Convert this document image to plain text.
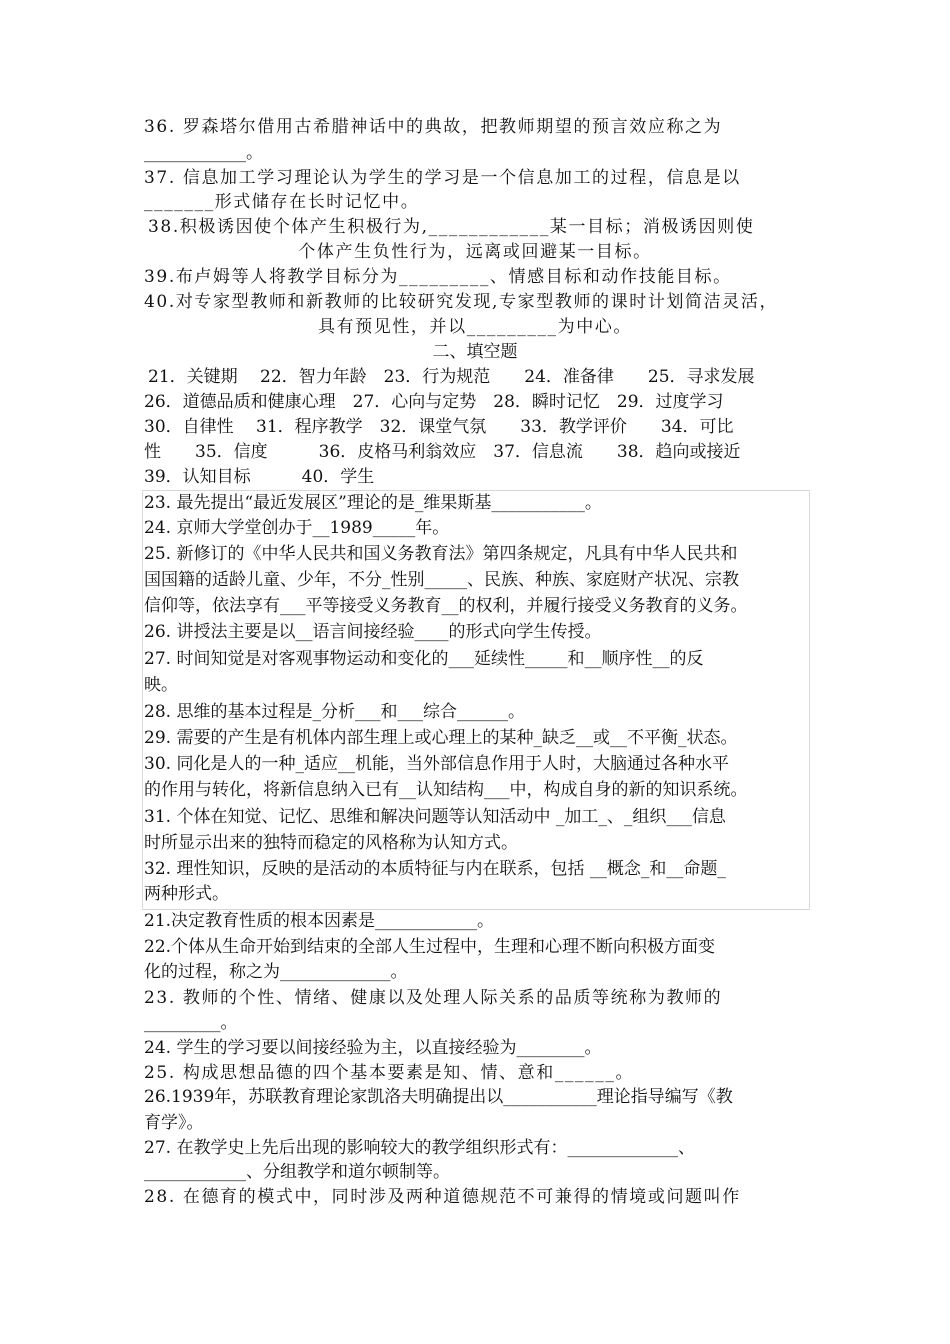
36. 罗森塔尔借用古希腊神话中的典故，把教师期望的预言效应称之为
____________。
37. 信息加工学习理论认为学生的学习是一个信息加工的过程，信息是以
_______形式储存在长时记忆中。
38.积极诱因使个体产生积极行为,____________某一目标；消极诱因则使
个体产生负性行为，远离或回避某一目标。
39.布卢姆等人将教学目标分为_________、情感目标和动作技能目标。
40.对专家型教师和新教师的比较研究发现,专家型教师的课时计划简洁灵活，
具有预见性，并以_________为中心。
二、填空题
21．关键期　 22．智力年龄　23．行为规范　　24．准备律　　25．寻求发展
26．道德品质和健康心理　27．心向与定势　28．瞬时记忆　29．过度学习
30．自律性　 31．程序教学　32．课堂气氛　　33．教学评价　　34．可比
性　　35．信度　　　36．皮格马利翁效应　37．信息流　　38．趋向或接近
39．认知目标　　　40．学生
23. 最先提出“最近发展区”理论的是_维果斯基___________。
24. 京师大学堂创办于__1989_____年。
25. 新修订的《中华人民共和国义务教育法》第四条规定，凡具有中华人民共和
国国籍的适龄儿童、少年，不分_性别_____、民族、种族、家庭财产状况、宗教
信仰等，依法享有___平等接受义务教育__的权利，并履行接受义务教育的义务。
26. 讲授法主要是以__语言间接经验____的形式向学生传授。
27. 时间知觉是对客观事物运动和变化的___延续性_____和__顺序性__的反
映。
28. 思维的基本过程是_分析___和___综合______。
29. 需要的产生是有机体内部生理上或心理上的某种_缺乏__或__不平衡_状态。
30. 同化是人的一种_适应__机能，当外部信息作用于人时，大脑通过各种水平
的作用与转化，将新信息纳入已有__认知结构___中，构成自身的新的知识系统。
31. 个体在知觉、记忆、思维和解决问题等认知活动中 _加工_、_组织___信息
时所显示出来的独特而稳定的风格称为认知方式。
32. 理性知识，反映的是活动的本质特征与内在联系，包括 __概念_和__命题_
两种形式。
21.决定教育性质的根本因素是____________。
22.个体从生命开始到结束的全部人生过程中，生理和心理不断向积极方面变
化的过程，称之为_____________。
23. 教师的个性、情绪、健康以及处理人际关系的品质等统称为教师的
_________。
24. 学生的学习要以间接经验为主，以直接经验为________。
25. 构成思想品德的四个基本要素是知、情、意和______。
26.1939年，苏联教育理论家凯洛夫明确提出以___________理论指导编写《教
育学》。
27. 在教学史上先后出现的影响较大的教学组织形式有：_____________、
____________、分组教学和道尔顿制等。
28. 在德育的模式中，同时涉及两种道德规范不可兼得的情境或问题叫作
